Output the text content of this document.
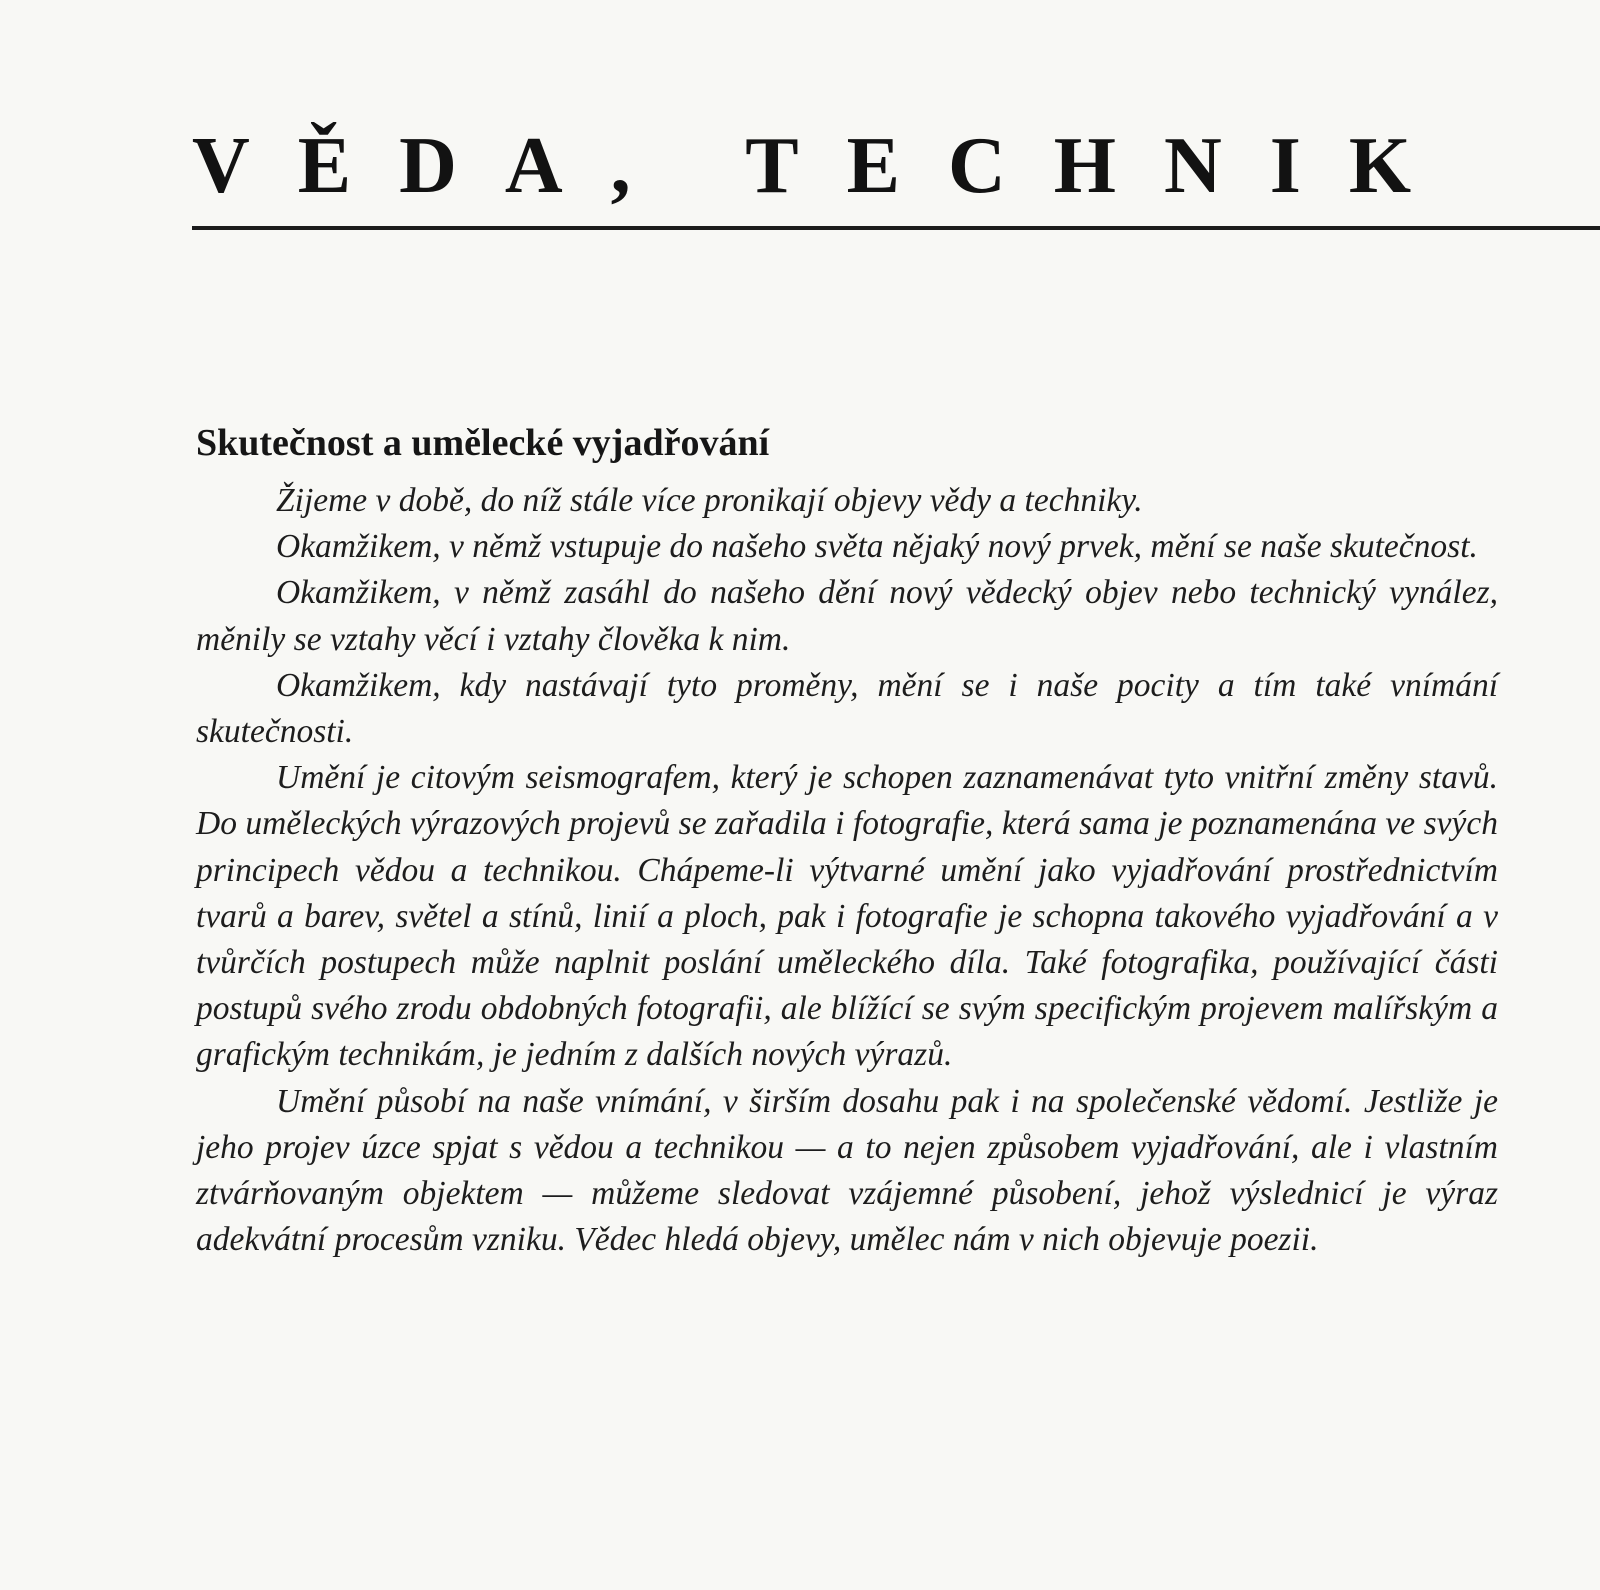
VĚDA, TECHNIK
Skutečnost a umělecké vyjadřování

Žijeme v době, do níž stále více pronikají objevy vědy a techniky.

Okamžikem, v němž vstupuje do našeho světa nějaký nový prvek, mění se naše skutečnost.

Okamžikem, v němž zasáhl do našeho dění nový vědecký objev nebo technický vynález, měnily se vztahy věcí i vztahy člověka k nim.

Okamžikem, kdy nastávají tyto proměny, mění se i naše pocity a tím také vnímání skutečnosti.

Umění je citovým seismografem, který je schopen zaznamenávat tyto vnitřní změny stavů. Do uměleckých výrazových projevů se zařadila i fotografie, která sama je poznamenána ve svých principech vědou a technikou. Chápeme-li výtvarné umění jako vyjadřování prostřednictvím tvarů a barev, světel a stínů, linií a ploch, pak i fotografie je schopna takového vyjadřování a v tvůrčích postupech může naplnit poslání uměleckého díla. Také fotografika, používající části postupů svého zrodu obdobných fotografii, ale blížící se svým specifickým projevem malířským a grafickým technikám, je jedním z dalších nových výrazů.

Umění působí na naše vnímání, v širším dosahu pak i na společenské vědomí. Jestliže je jeho projev úzce spjat s vědou a technikou — a to nejen způsobem vyjadřování, ale i vlastním ztvárňovaným objektem — můžeme sledovat vzájemné působení, jehož výslednicí je výraz adekvátní procesům vzniku. Vědec hledá objevy, umělec nám v nich objevuje poezii.
